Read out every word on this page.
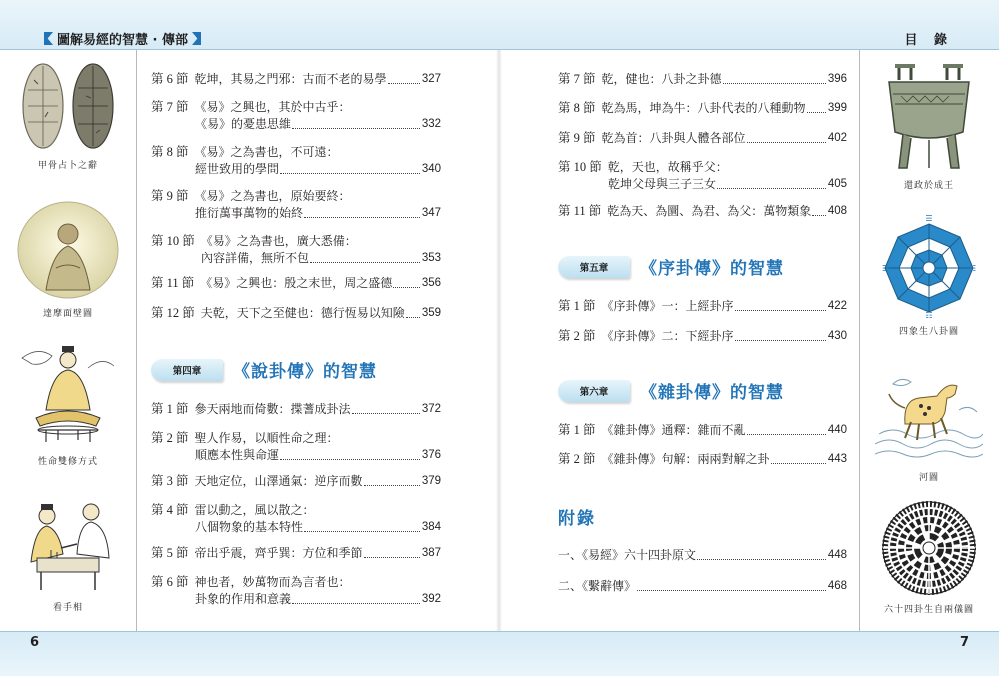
圖解易經的智慧 · 傳部	目 錄
6	7
甲骨占卜之辭
達摩面壁圖
性命雙修方式
看手相
還政於成王
☰
☷
☲	☵
四象生八卦圖
河圖
六十四卦生自兩儀圖
第 6 節 乾坤，其易之門邪：古而不老的易學	327
第 7 節 《易》之興也，其於中古乎：
《易》的憂患思維	332
第 8 節 《易》之為書也，不可遠：
經世致用的學問	340
第 9 節 《易》之為書也，原始要終：
推衍萬事萬物的始終	347
第 10 節 《易》之為書也，廣大悉備：
內容詳備，無所不包	353
第 11 節 《易》之興也：殷之末世，周之盛德	356
第 12 節 夫乾，天下之至健也：德行恆易以知險 359
第四章	《說卦傳》的智慧
第 1 節 參天兩地而倚數：揲蓍成卦法	372
第 2 節 聖人作易，以順性命之理：
順應本性與命運	376
第 3 節 天地定位，山澤通氣：逆序而數	379
第 4 節 雷以動之，風以散之：
八個物象的基本特性	384
第 5 節 帝出乎震，齊乎巽：方位和季節	387
第 6 節 神也者，妙萬物而為言者也：
卦象的作用和意義	392
第 7 節 乾，健也：八卦之卦德	396
第 8 節 乾為馬，坤為牛：八卦代表的八種動物 399
第 9 節 乾為首：八卦與人體各部位	402
第 10 節 乾，天也，故稱乎父：
乾坤父母與三子三女	405
第 11 節 乾為天、為圜、為君、為父：萬物類象 408
第五章	《序卦傳》的智慧
第 1 節 《序卦傳》一：上經卦序	422
第 2 節 《序卦傳》二：下經卦序	430
第六章	《雜卦傳》的智慧
第 1 節 《雜卦傳》通釋：雜而不亂	440
第 2 節 《雜卦傳》句解：兩兩對解之卦	443
附錄
一、《易經》六十四卦原文	448
二、《繫辭傳》	468
